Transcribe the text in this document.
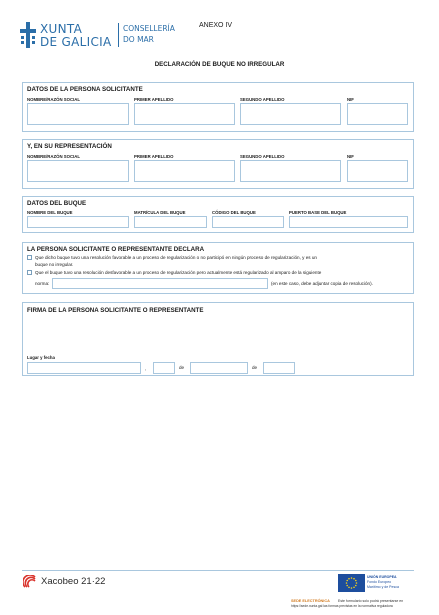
XUNTA
DE GALICIA
CONSELLERÍA
DO MAR
ANEXO IV
DECLARACIÓN DE BUQUE NO IRREGULAR
DATOS DE LA PERSONA SOLICITANTE
NOMBRE/RAZÓN SOCIAL	PRIMER APELLIDO	SEGUNDO APELLIDO	NIF
Y, EN SU REPRESENTACIÓN
NOMBRE/RAZÓN SOCIAL	PRIMER APELLIDO	SEGUNDO APELLIDO	NIF
DATOS DEL BUQUE
NOMBRE DEL BUQUE	MATRÍCULA DEL BUQUE	CÓDIGO DEL BUQUE	PUERTO BASE DEL BUQUE
LA PERSONA SOLICITANTE O REPRESENTANTE DECLARA
Que dicho buque tuvo una resolución favorable a un proceso de regularización o no participó en ningún proceso de regularización, y es un
buque no irregular.
Que el buque tuvo una resolución desfavorable a un proceso de regularización pero actualmente está regularizado al amparo de la siguiente
norma:	(en este caso, debe adjuntar copia de resolución).
FIRMA DE LA PERSONA SOLICITANTE O REPRESENTANTE
Lugar y fecha
,	de	de
Xacobeo 21·22	UNIÓN EUROPEA
Fondo Europeo
Marítimo y de Pesca
SEDE ELECTRÓNICA Este formulario solo podrá presentarse en
https://sede.xunta.gal las formas previstas en la normativa reguladora
